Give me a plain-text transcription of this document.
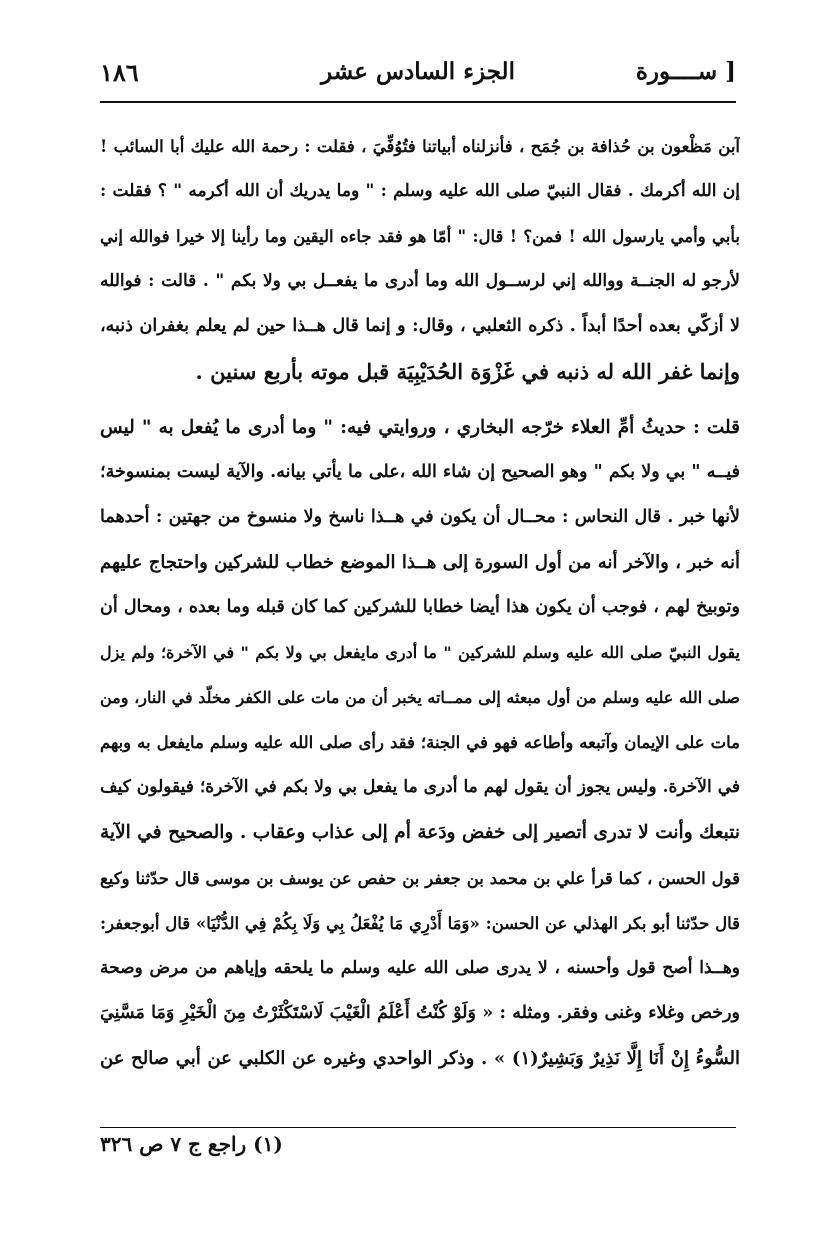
١٨٦	الجزء السادس عشر	[ ســــورة
آبن مَظْعون بن حُذافة بن جُمَح ، فأنزلناه أبياتنا فتُوُفِّيَ ، فقلت : رحمة الله عليك أبا السائب !
إن الله أكرمك . فقال النبيّ صلى الله عليه وسلم : " وما يدريك أن الله أكرمه " ؟ فقلت :
بأبي وأمي يارسول الله ! فمن؟ ! قال: " أمّا هو فقد جاءه اليقين وما رأينا إلا خيرا فوالله إني
لأرجو له الجنــة ووالله إني لرســول الله وما أدرى ما يفعــل بي ولا بكم " . قالت : فوالله
لا أزكّي بعده أحدًا أبداً . ذكره الثعلبي ، وقال: و إنما قال هــذا حين لم يعلم بغفران ذنبه،
وإنما غفر الله له ذنبه في غَزْوَة الحُدَيْبِيَة قبل موته بأربع سنين .
قلت : حديثُ أمِّ العلاء خرّجه البخاري ، وروايتي فيه: " وما أدرى ما يُفعل به " ليس
فيــه " بي ولا بكم " وهو الصحيح إن شاء الله ،على ما يأتي بيانه. والآية ليست بمنسوخة؛
لأنها خبر . قال النحاس : محــال أن يكون في هــذا ناسخ ولا منسوخ من جهتين : أحدهما
أنه خبر ، والآخر أنه من أول السورة إلى هــذا الموضع خطاب للشركين واحتجاج عليهم
وتوبيخ لهم ، فوجب أن يكون هذا أيضا خطابا للشركين كما كان قبله وما بعده ، ومحال أن
يقول النبيّ صلى الله عليه وسلم للشركين " ما أدرى مايفعل بي ولا بكم " في الآخرة؛ ولم يزل
صلى الله عليه وسلم من أول مبعثه إلى ممــاته يخبر أن من مات على الكفر مخلّد في النار، ومن
مات على الإيمان وآتبعه وأطاعه فهو في الجنة؛ فقد رأى صلى الله عليه وسلم مايفعل به وبهم
في الآخرة. وليس يجوز أن يقول لهم ما أدرى ما يفعل بي ولا بكم في الآخرة؛ فيقولون كيف
نتبعك وأنت لا تدرى أتصير إلى خفض ودَعة أم إلى عذاب وعقاب . والصحيح في الآية
قول الحسن ، كما قرأ علي بن محمد بن جعفر بن حفص عن يوسف بن موسى قال حدّثنا وكيع
قال حدّثنا أبو بكر الهذلي عن الحسن: «وَمَا أَدْرِي مَا يُفْعَلُ بِي وَلَا بِكُمْ فِي الدُّنْيَا» قال أبوجعفر:
وهــذا أصح قول وأحسنه ، لا يدرى صلى الله عليه وسلم ما يلحقه وإياهم من مرض وصحة
ورخص وغلاء وغنى وفقر. ومثله : « وَلَوْ كُنْتُ أَعْلَمُ الْغَيْبَ لَاسْتَكْثَرْتُ مِنَ الْخَيْرِ وَمَا مَسَّنِيَ
السُّوءُ إِنْ أَنَا إِلَّا نَذِيرٌ وَبَشِيرٌ(١) » . وذكر الواحدي وغيره عن الكلبي عن أبي صالح عن
(١) راجع ج ٧ ص ٣٢٦
